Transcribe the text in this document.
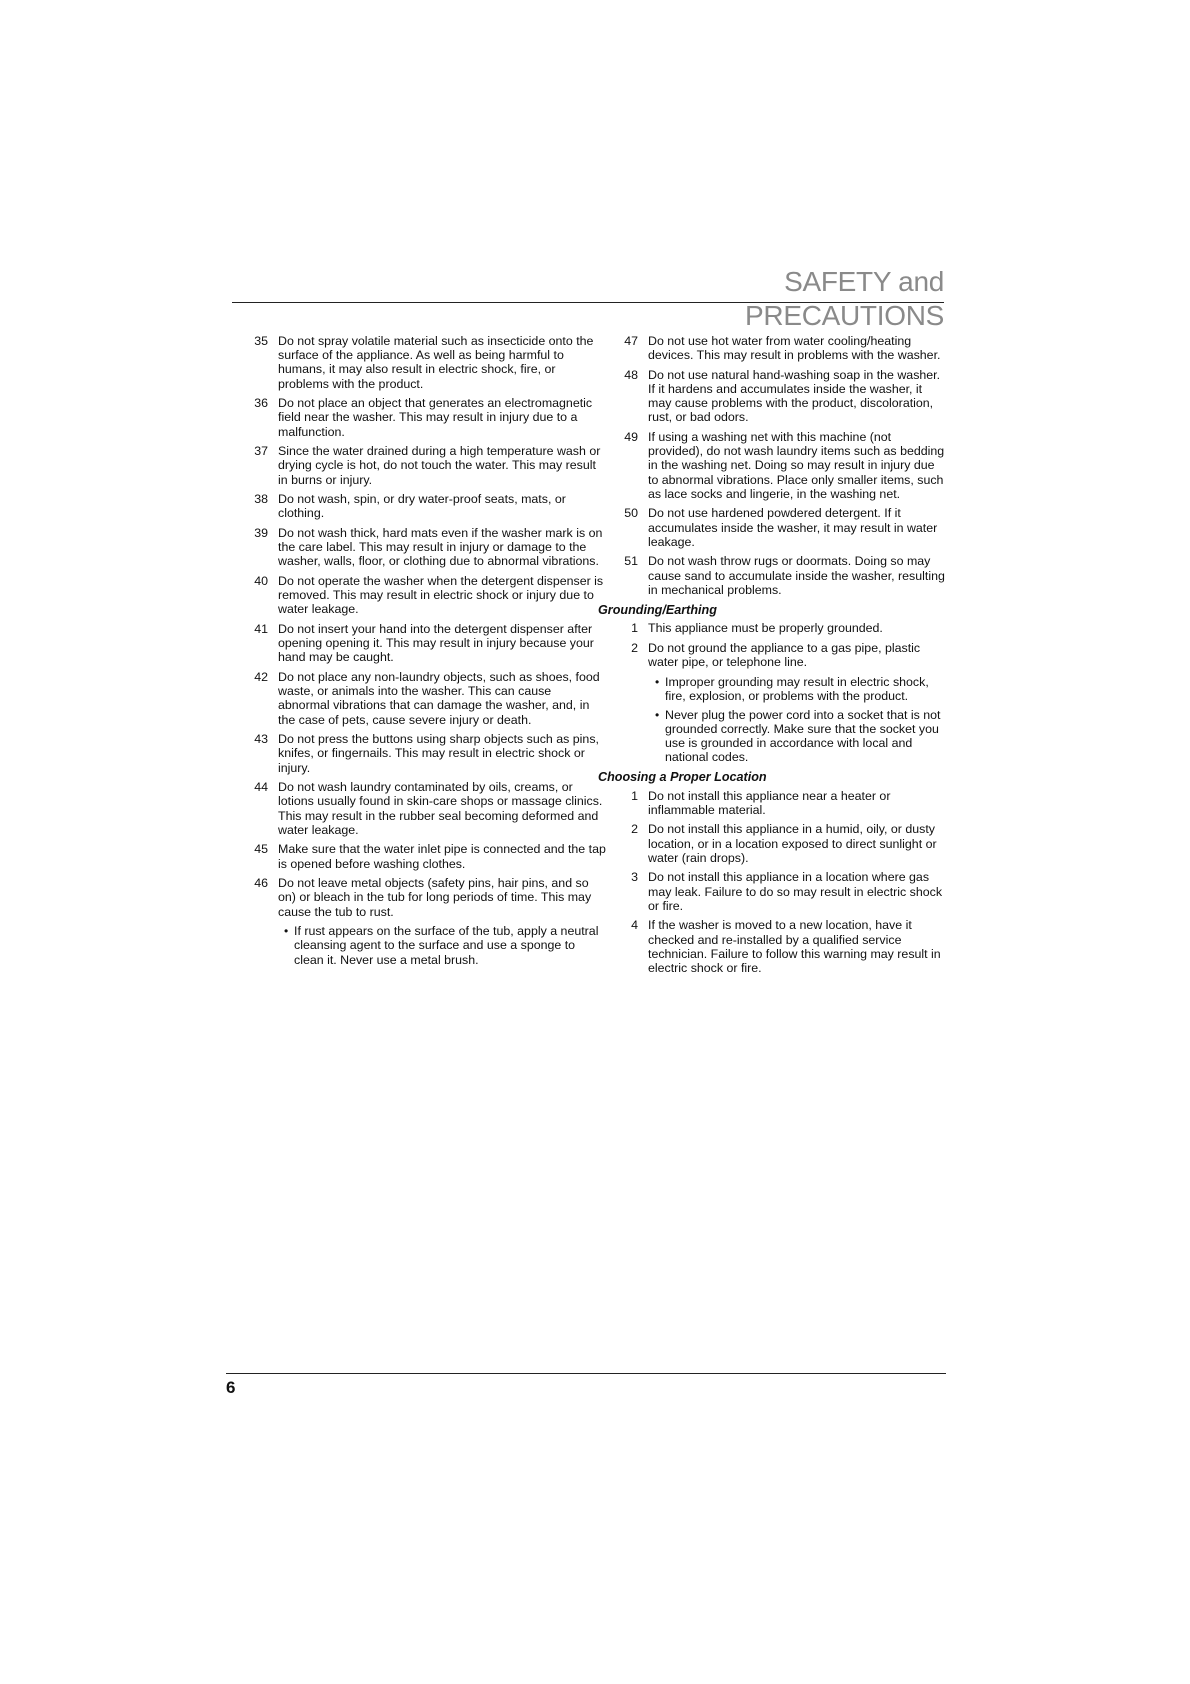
SAFETY and PRECAUTIONS
35 Do not spray volatile material such as insecticide onto the surface of the appliance. As well as being harmful to humans, it may also result in electric shock, fire, or problems with the product.
36 Do not place an object that generates an electromagnetic field near the washer. This may result in injury due to a malfunction.
37 Since the water drained during a high temperature wash or drying cycle is hot, do not touch the water. This may result in burns or injury.
38 Do not wash, spin, or dry water-proof seats, mats, or clothing.
39 Do not wash thick, hard mats even if the washer mark is on the care label. This may result in injury or damage to the washer, walls, floor, or clothing due to abnormal vibrations.
40 Do not operate the washer when the detergent dispenser is removed. This may result in electric shock or injury due to water leakage.
41 Do not insert your hand into the detergent dispenser after opening opening it. This may result in injury because your hand may be caught.
42 Do not place any non-laundry objects, such as shoes, food waste, or animals into the washer. This can cause abnormal vibrations that can damage the washer, and, in the case of pets, cause severe injury or death.
43 Do not press the buttons using sharp objects such as pins, knifes, or fingernails. This may result in electric shock or injury.
44 Do not wash laundry contaminated by oils, creams, or lotions usually found in skin-care shops or massage clinics. This may result in the rubber seal becoming deformed and water leakage.
45 Make sure that the water inlet pipe is connected and the tap is opened before washing clothes.
46 Do not leave metal objects (safety pins, hair pins, and so on) or bleach in the tub for long periods of time. This may cause the tub to rust.
• If rust appears on the surface of the tub, apply a neutral cleansing agent to the surface and use a sponge to clean it. Never use a metal brush.
47 Do not use hot water from water cooling/heating devices. This may result in problems with the washer.
48 Do not use natural hand-washing soap in the washer. If it hardens and accumulates inside the washer, it may cause problems with the product, discoloration, rust, or bad odors.
49 If using a washing net with this machine (not provided), do not wash laundry items such as bedding in the washing net. Doing so may result in injury due to abnormal vibrations. Place only smaller items, such as lace socks and lingerie, in the washing net.
50 Do not use hardened powdered detergent. If it accumulates inside the washer, it may result in water leakage.
51 Do not wash throw rugs or doormats. Doing so may cause sand to accumulate inside the washer, resulting in mechanical problems.
Grounding/Earthing
1 This appliance must be properly grounded.
2 Do not ground the appliance to a gas pipe, plastic water pipe, or telephone line.
• Improper grounding may result in electric shock, fire, explosion, or problems with the product.
• Never plug the power cord into a socket that is not grounded correctly. Make sure that the socket you use is grounded in accordance with local and national codes.
Choosing a Proper Location
1 Do not install this appliance near a heater or inflammable material.
2 Do not install this appliance in a humid, oily, or dusty location, or in a location exposed to direct sunlight or water (rain drops).
3 Do not install this appliance in a location where gas may leak. Failure to do so may result in electric shock or fire.
4 If the washer is moved to a new location, have it checked and re-installed by a qualified service technician. Failure to follow this warning may result in electric shock or fire.
6
